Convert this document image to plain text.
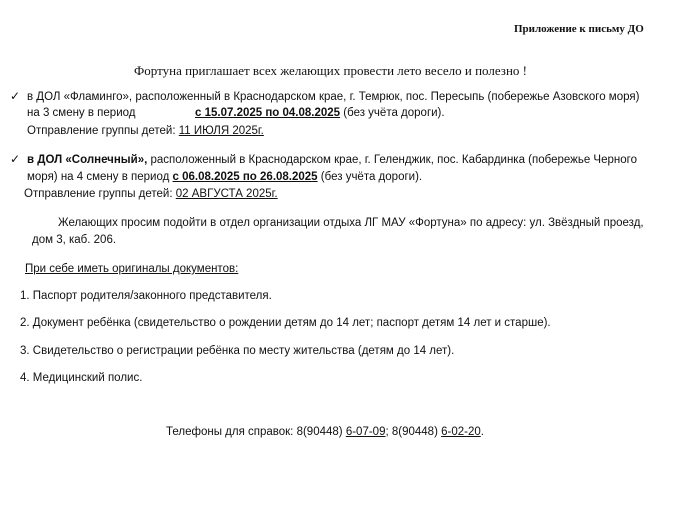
Приложение к письму ДО
Фортуна приглашает всех желающих провести лето весело и полезно !
✓ в ДОЛ «Фламинго», расположенный в Краснодарском крае, г. Темрюк, пос. Пересыпь (побережье Азовского моря)
на 3 смену в период	с 15.07.2025 по 04.08.2025 (без учёта дороги).
Отправление группы детей: 11 ИЮЛЯ 2025г.
✓ в ДОЛ «Солнечный», расположенный в Краснодарском крае, г. Геленджик, пос. Кабардинка (побережье Черного
моря) на 4 смену в период с 06.08.2025 по 26.08.2025 (без учёта дороги).
Отправление группы детей: 02 АВГУСТА 2025г.
Желающих просим подойти в отдел организации отдыха ЛГ МАУ «Фортуна» по адресу: ул. Звёздный проезд,
дом 3, каб. 206.
При себе иметь оригиналы документов:
1. Паспорт родителя/законного представителя.
2. Документ ребёнка (свидетельство о рождении детям до 14 лет; паспорт детям 14 лет и старше).
3. Свидетельство о регистрации ребёнка по месту жительства (детям до 14 лет).
4. Медицинский полис.
Телефоны для справок: 8(90448) 6-07-09; 8(90448) 6-02-20.
